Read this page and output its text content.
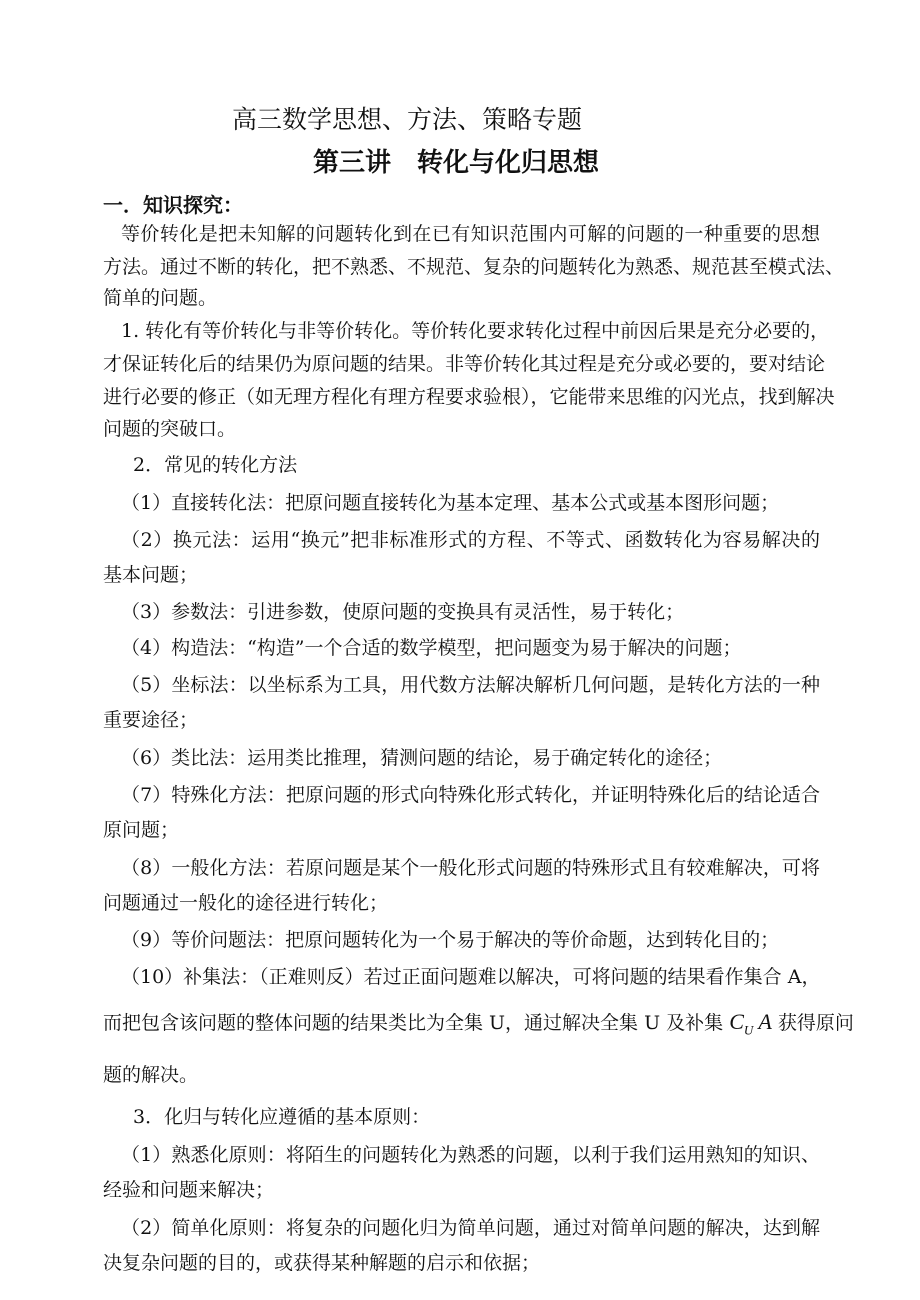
高三数学思想、方法、策略专题
第三讲　转化与化归思想
一．知识探究：
等价转化是把未知解的问题转化到在已有知识范围内可解的问题的一种重要的思想
方法。通过不断的转化，把不熟悉、不规范、复杂的问题转化为熟悉、规范甚至模式法、
简单的问题。
1. 转化有等价转化与非等价转化。等价转化要求转化过程中前因后果是充分必要的，
才保证转化后的结果仍为原问题的结果。非等价转化其过程是充分或必要的，要对结论
进行必要的修正（如无理方程化有理方程要求验根），它能带来思维的闪光点，找到解决
问题的突破口。
2．常见的转化方法
（1）直接转化法：把原问题直接转化为基本定理、基本公式或基本图形问题；
（2）换元法：运用“换元”把非标准形式的方程、不等式、函数转化为容易解决的
基本问题；
（3）参数法：引进参数，使原问题的变换具有灵活性，易于转化；
（4）构造法：“构造”一个合适的数学模型，把问题变为易于解决的问题；
（5）坐标法：以坐标系为工具，用代数方法解决解析几何问题，是转化方法的一种
重要途径；
（6）类比法：运用类比推理，猜测问题的结论，易于确定转化的途径；
（7）特殊化方法：把原问题的形式向特殊化形式转化，并证明特殊化后的结论适合
原问题；
（8）一般化方法：若原问题是某个一般化形式问题的特殊形式且有较难解决，可将
问题通过一般化的途径进行转化；
（9）等价问题法：把原问题转化为一个易于解决的等价命题，达到转化目的；
（10）补集法：（正难则反）若过正面问题难以解决，可将问题的结果看作集合 A，
而把包含该问题的整体问题的结果类比为全集 U，通过解决全集 U 及补集 $C_U$ A 获得原问
题的解决。
3．化归与转化应遵循的基本原则：
（1）熟悉化原则：将陌生的问题转化为熟悉的问题，以利于我们运用熟知的知识、
经验和问题来解决；
（2）简单化原则：将复杂的问题化归为简单问题，通过对简单问题的解决，达到解
决复杂问题的目的，或获得某种解题的启示和依据；
